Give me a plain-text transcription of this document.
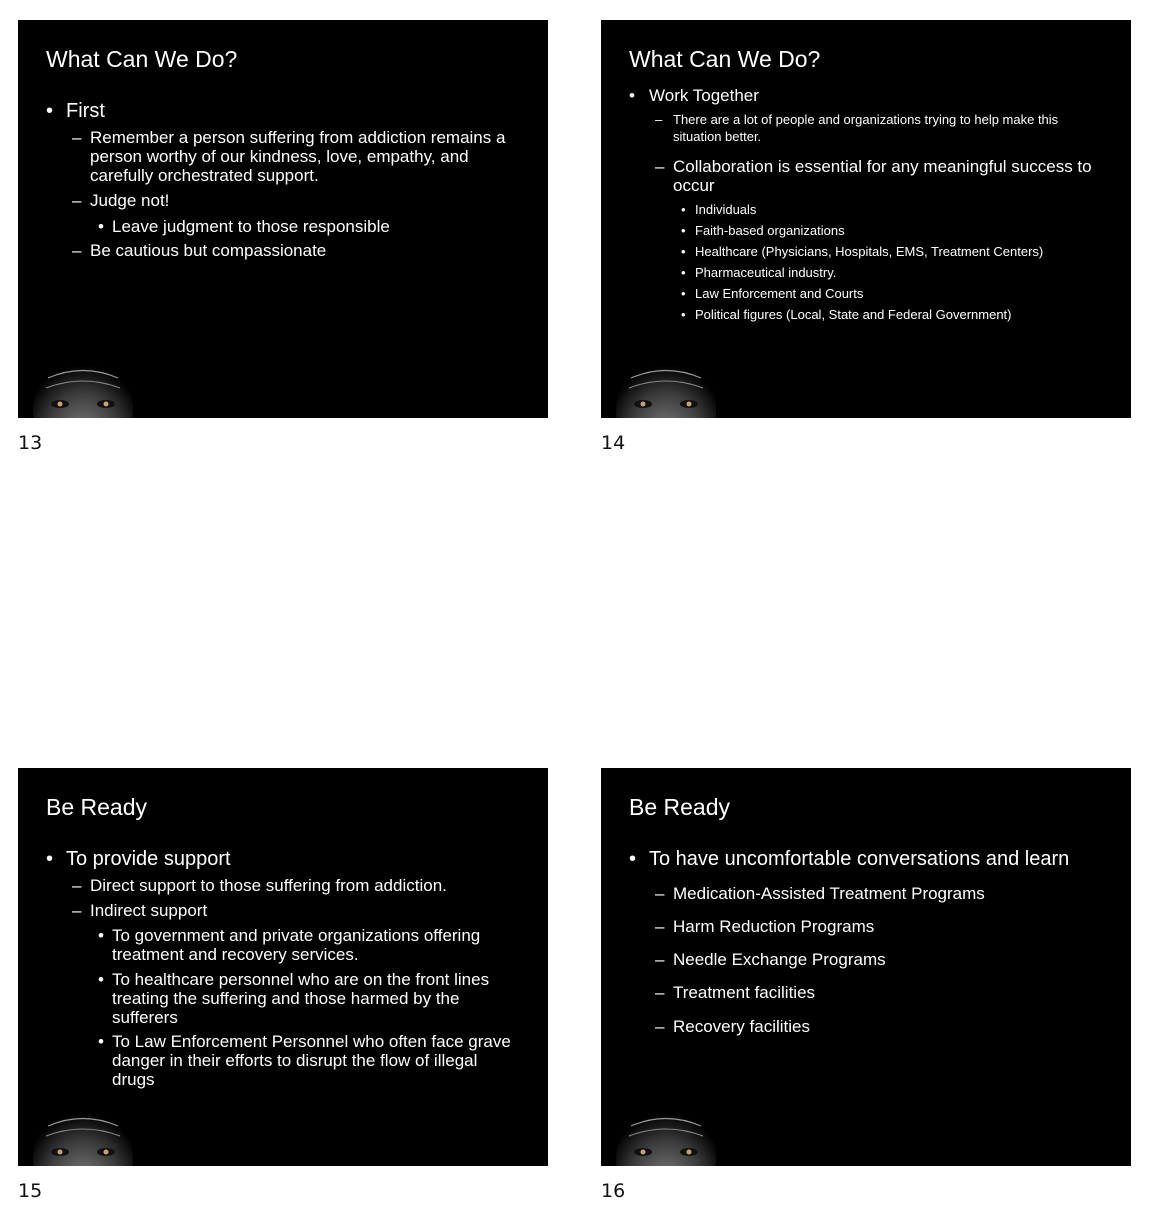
What Can We Do?
• First
– Remember a person suffering from addiction remains a person worthy of our kindness, love, empathy, and carefully orchestrated support.
– Judge not!
• Leave judgment to those responsible
– Be cautious but compassionate
13
What Can We Do?
• Work Together
– There are a lot of people and organizations trying to help make this situation better.
– Collaboration is essential for any meaningful success to occur
• Individuals
• Faith-based organizations
• Healthcare (Physicians, Hospitals, EMS, Treatment Centers)
• Pharmaceutical industry.
• Law Enforcement and Courts
• Political figures (Local, State and Federal Government)
14
Be Ready
• To provide support
– Direct support to those suffering from addiction.
– Indirect support
• To government and private organizations offering treatment and recovery services.
• To healthcare personnel who are on the front lines treating the suffering and those harmed by the sufferers
• To Law Enforcement Personnel who often face grave danger in their efforts to disrupt the flow of illegal drugs
15
Be Ready
• To have uncomfortable conversations and learn
– Medication-Assisted Treatment Programs
– Harm Reduction Programs
– Needle Exchange Programs
– Treatment facilities
– Recovery facilities
16
